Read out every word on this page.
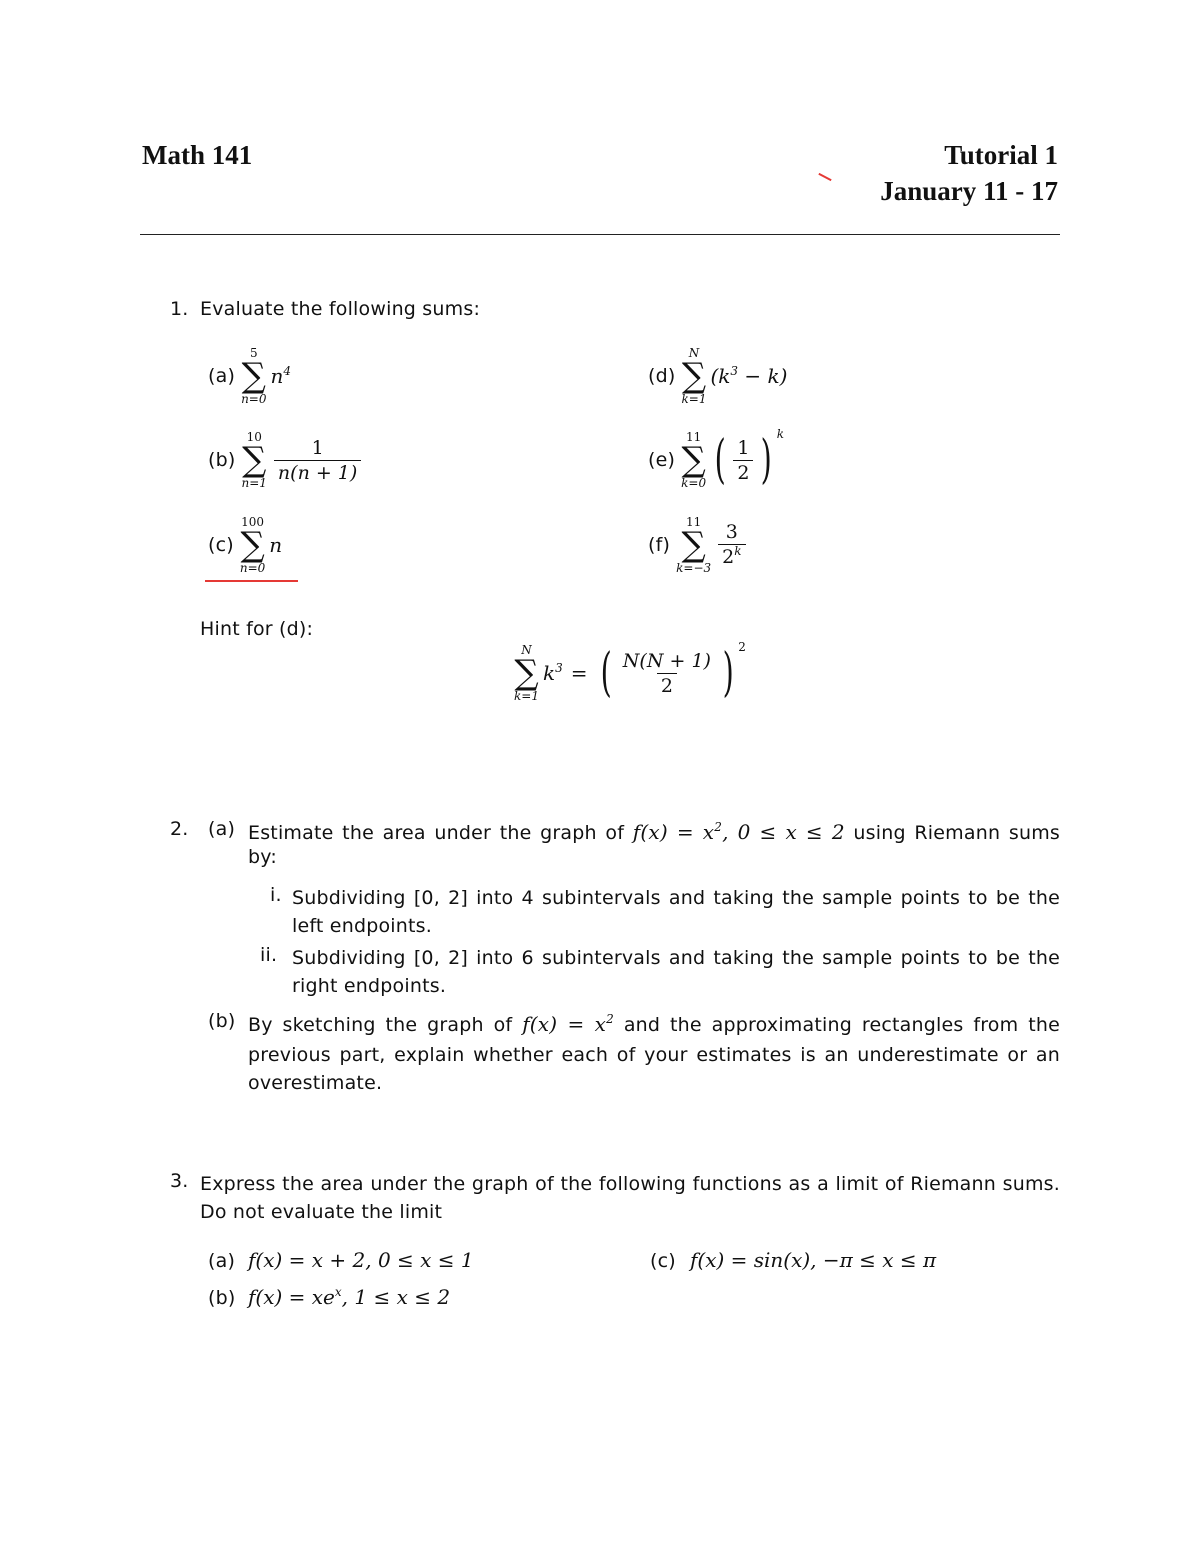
Math 141	Tutorial 1
January 11 - 17
1. Evaluate the following sums:
(a)
5
∑
n=0
$n^4$
(b)
10
∑
$n=1 \frac{1}{n(n + 1)}$
(c)
100
∑
n=0
n
(d)
N
∑
k=1
$(k^3 - k)$
(e)
11
∑
k=0 ( $\frac{1}{2}$ ) k
(f)
11
∑
$k=-3 \frac{3}{2^k}$
Hint for (d):
N
∑
k=1
$k^3$ = ( $\frac{N(N + 1)}{2}$ ) 2
2. (a) Estimate the area under the graph of $f(x) = x^2$, 0 ≤ x ≤ 2 using Riemann sums
by:
i. Subdividing [0, 2] into 4 subintervals and taking the sample points to be the left endpoints.
ii. Subdividing [0, 2] into 6 subintervals and taking the sample points to be the right endpoints.
(b) By sketching the graph of $f(x) = x^2$ and the approximating rectangles from the previous part, explain whether each of your estimates is an underestimate or an overestimate.
3. Express the area under the graph of the following functions as a limit of Riemann sums. Do not evaluate the limit
(a) f(x) = x + 2, 0 ≤ x ≤ 1
(b) $f(x) = xe^x$, 1 ≤ x ≤ 2
(c) f(x) = sin(x), −π ≤ x ≤ π
